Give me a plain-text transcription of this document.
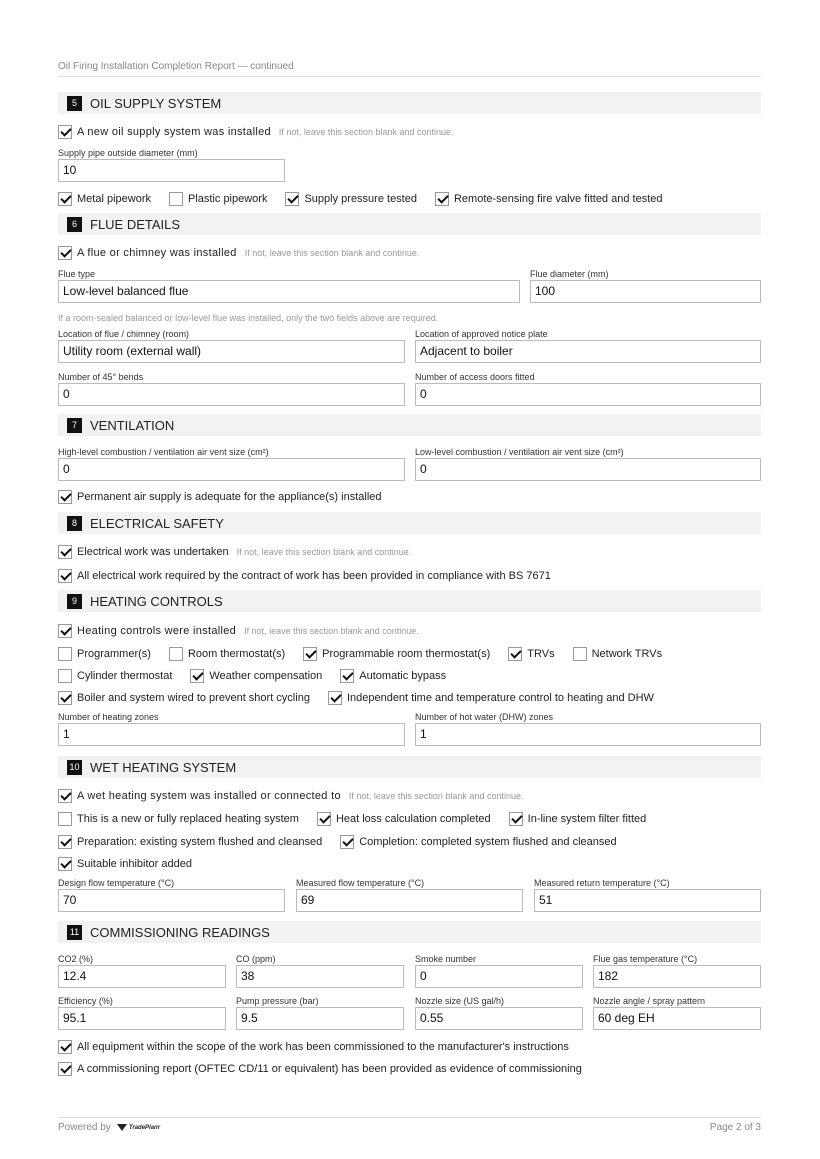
Oil Firing Installation Completion Report — continued
5	OIL SUPPLY SYSTEM
A new oil supply system was installed If not, leave this section blank and continue.
Supply pipe outside diameter (mm)
10
Metal pipework	Plastic pipework	Supply pressure tested	Remote-sensing fire valve fitted and tested
6	FLUE DETAILS
A flue or chimney was installed If not, leave this section blank and continue.
Flue type
Low-level balanced flue
Flue diameter (mm)
100
If a room-sealed balanced or low-level flue was installed, only the two fields above are required.
Location of flue / chimney (room)
Utility room (external wall)
Location of approved notice plate
Adjacent to boiler
Number of 45° bends
0
Number of access doors fitted
0
7	VENTILATION
High-level combustion / ventilation air vent size (cm²)
0
Low-level combustion / ventilation air vent size (cm²)
0
Permanent air supply is adequate for the appliance(s) installed
8	ELECTRICAL SAFETY
Electrical work was undertaken If not, leave this section blank and continue.
All electrical work required by the contract of work has been provided in compliance with BS 7671
9	HEATING CONTROLS
Heating controls were installed If not, leave this section blank and continue.
Programmer(s)	Room thermostat(s)	Programmable room thermostat(s)	TRVs	Network TRVs
Cylinder thermostat	Weather compensation	Automatic bypass
Boiler and system wired to prevent short cycling	Independent time and temperature control to heating and DHW
Number of heating zones
1
Number of hot water (DHW) zones
1
10 WET HEATING SYSTEM
A wet heating system was installed or connected to If not, leave this section blank and continue.
This is a new or fully replaced heating system	Heat loss calculation completed	In-line system filter fitted
Preparation: existing system flushed and cleansed	Completion: completed system flushed and cleansed
Suitable inhibitor added
Design flow temperature (°C)
70
Measured flow temperature (°C)
69
Measured return temperature (°C)
51
11 COMMISSIONING READINGS
CO2 (%)
12.4
CO (ppm)
38
Smoke number
0
Flue gas temperature (°C)
182
Efficiency (%)
95.1
Pump pressure (bar)
9.5
Nozzle size (US gal/h)
0.55
Nozzle angle / spray pattern
60 deg EH
All equipment within the scope of the work has been commissioned to the manufacturer's instructions
A commissioning report (OFTEC CD/11 or equivalent) has been provided as evidence of commissioning
Powered by	TradePlanr	Page 2 of 3
